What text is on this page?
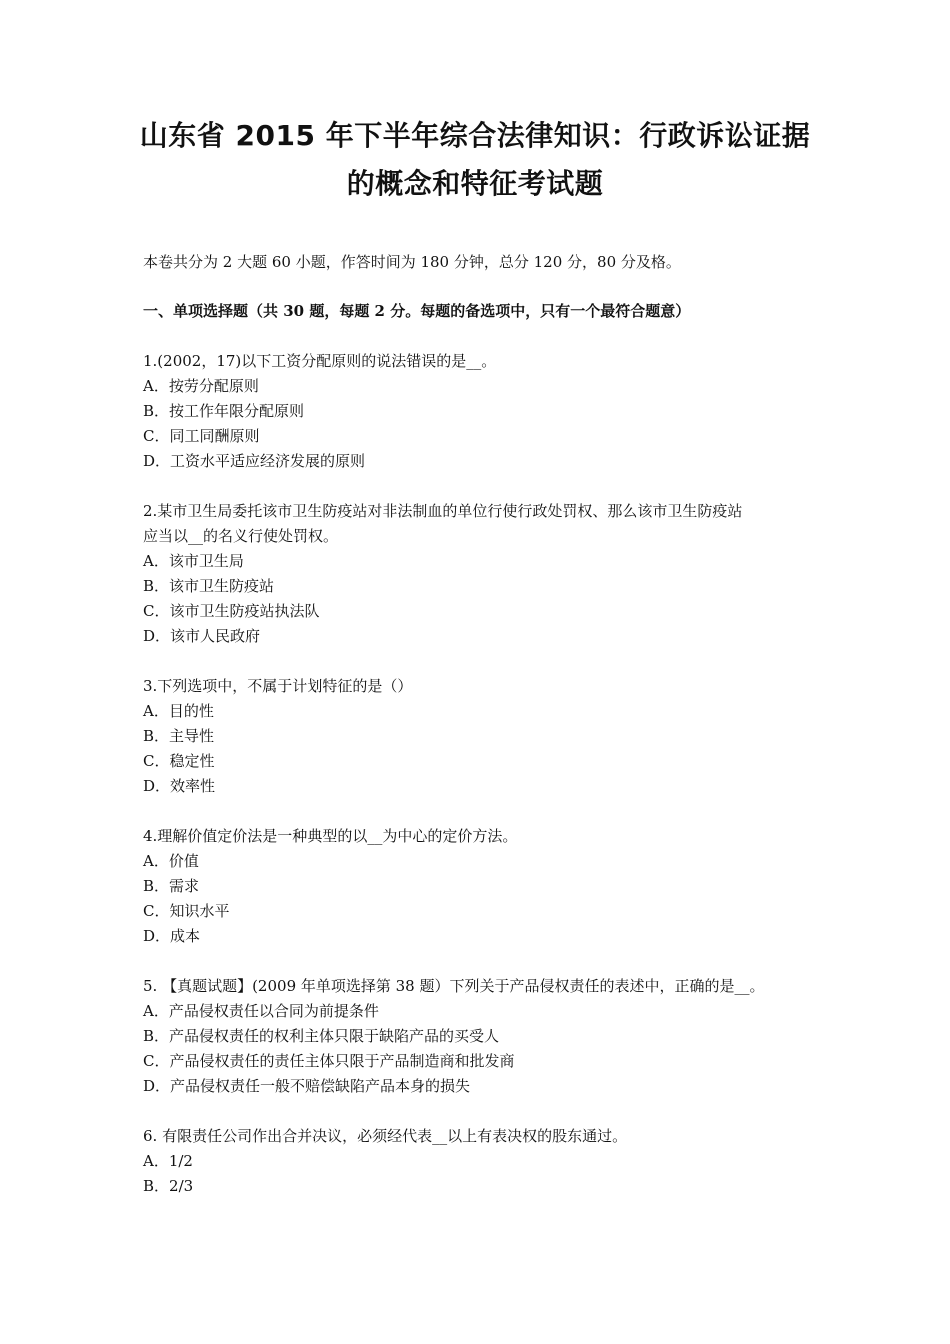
山东省 2015 年下半年综合法律知识：行政诉讼证据
的概念和特征考试题
本卷共分为 2 大题 60 小题，作答时间为 180 分钟，总分 120 分，80 分及格。
一、单项选择题（共 30 题，每题 2 分。每题的备选项中，只有一个最符合题意）
1.(2002，17)以下工资分配原则的说法错误的是__。
A．按劳分配原则
B．按工作年限分配原则
C．同工同酬原则
D．工资水平适应经济发展的原则
2.某市卫生局委托该市卫生防疫站对非法制血的单位行使行政处罚权、那么该市卫生防疫站
应当以__的名义行使处罚权。
A．该市卫生局
B．该市卫生防疫站
C．该市卫生防疫站执法队
D．该市人民政府
3.下列选项中，不属于计划特征的是（）
A．目的性
B．主导性
C．稳定性
D．效率性
4.理解价值定价法是一种典型的以__为中心的定价方法。
A．价值
B．需求
C．知识水平
D．成本
5. 【真题试题】(2009 年单项选择第 38 题）下列关于产品侵权责任的表述中，正确的是__。
A．产品侵权责任以合同为前提条件
B．产品侵权责任的权利主体只限于缺陷产品的买受人
C．产品侵权责任的责任主体只限于产品制造商和批发商
D．产品侵权责任一般不赔偿缺陷产品本身的损失
6. 有限责任公司作出合并决议，必须经代表__以上有表决权的股东通过。
A．1/2
B．2/3
